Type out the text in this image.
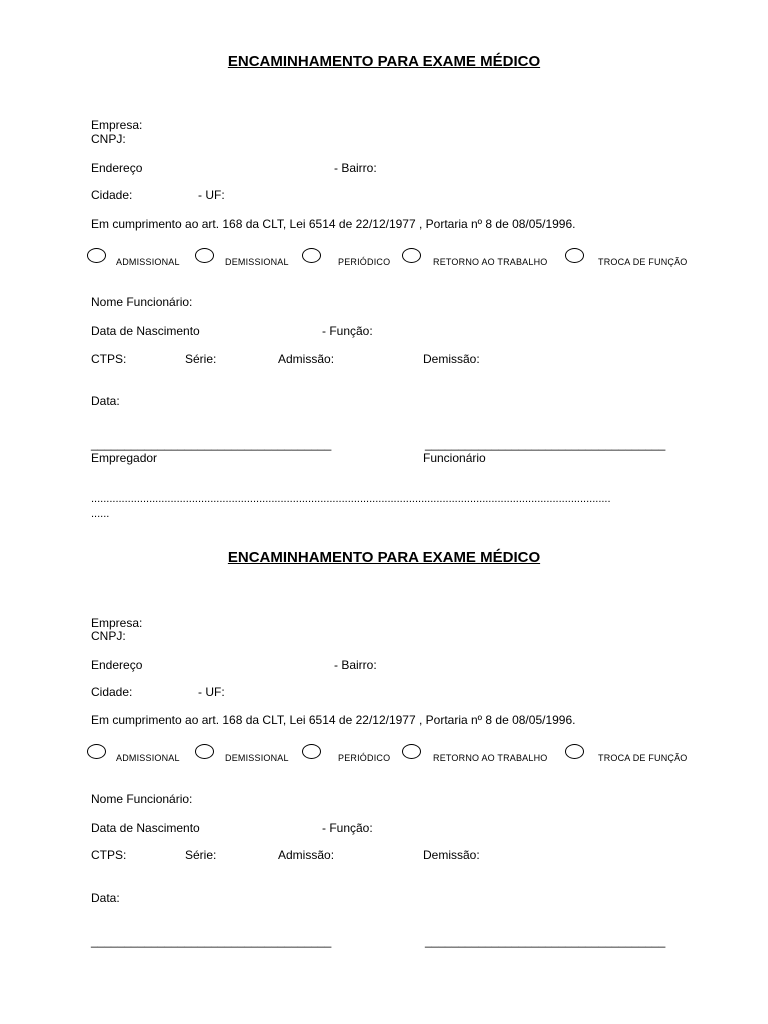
ENCAMINHAMENTO PARA EXAME MÉDICO
Empresa:
CNPJ:
Endereço	- Bairro:
Cidade:	- UF:
Em cumprimento ao art. 168 da CLT, Lei 6514 de 22/12/1977 , Portaria nº 8 de 08/05/1996.
ADMISSIONAL	DEMISSIONAL	PERIÓDICO	RETORNO AO TRABALHO	TROCA DE FUNÇÃO
Nome Funcionário:
Data de Nascimento	- Função:
CTPS:	Série:	Admissão:	Demissão:
Data:
____________________________________	____________________________________
Empregador	Funcionário
..........................................................................................................................................................................
......
ENCAMINHAMENTO PARA EXAME MÉDICO
Empresa:
CNPJ:
Endereço	- Bairro:
Cidade:	- UF:
Em cumprimento ao art. 168 da CLT, Lei 6514 de 22/12/1977 , Portaria nº 8 de 08/05/1996.
ADMISSIONAL	DEMISSIONAL	PERIÓDICO	RETORNO AO TRABALHO	TROCA DE FUNÇÃO
Nome Funcionário:
Data de Nascimento	- Função:
CTPS:	Série:	Admissão:	Demissão:
Data:
____________________________________	____________________________________
